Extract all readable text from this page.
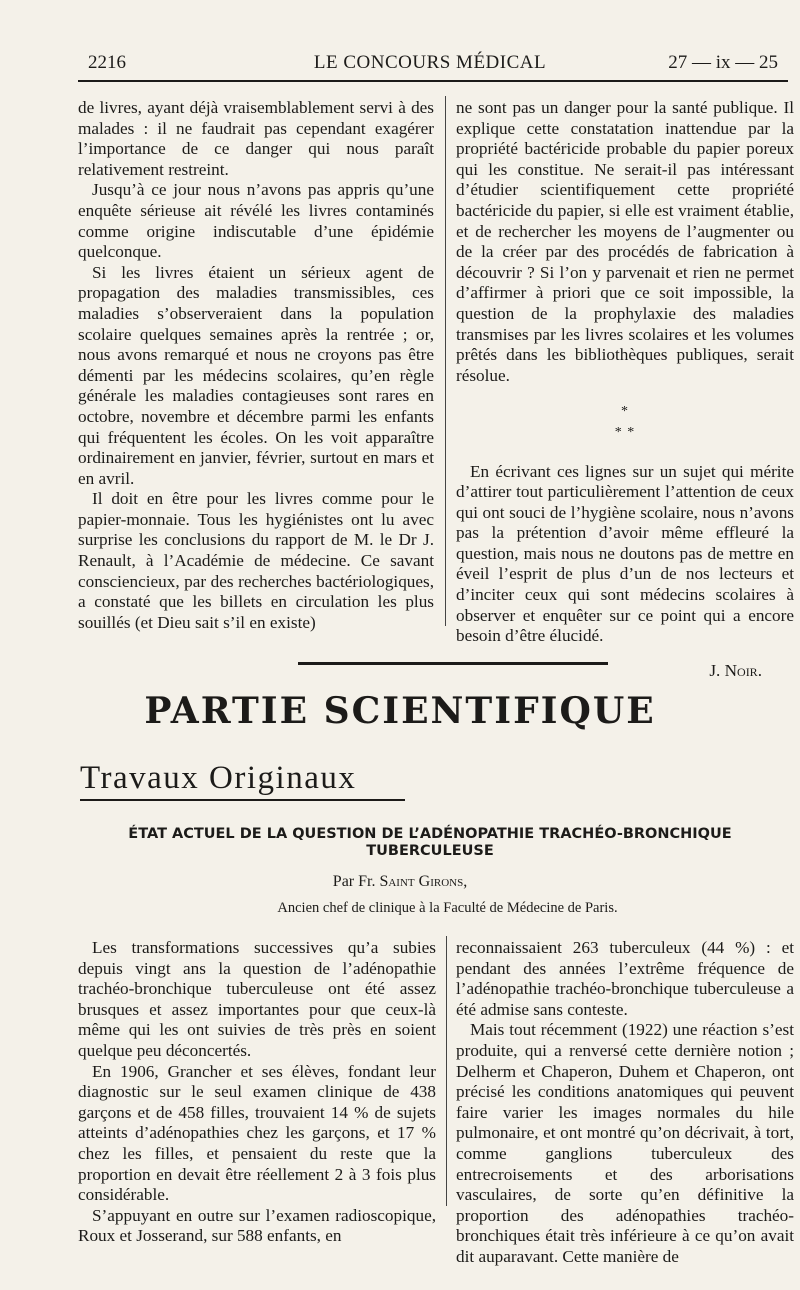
2216	LE CONCOURS MÉDICAL	27 — ix — 25

de livres, ayant déjà vraisemblablement servi à des malades : il ne faudrait pas cependant exagérer l’importance de ce danger qui nous paraît relativement restreint.

Jusqu’à ce jour nous n’avons pas appris qu’une enquête sérieuse ait révélé les livres contaminés comme origine indiscutable d’une épidémie quelconque.

Si les livres étaient un sérieux agent de propagation des maladies transmissibles, ces maladies s’observeraient dans la population scolaire quelques semaines après la rentrée ; or, nous avons remarqué et nous ne croyons pas être démenti par les médecins scolaires, qu’en règle générale les maladies contagieuses sont rares en octobre, novembre et décembre parmi les enfants qui fréquentent les écoles. On les voit apparaître ordinairement en janvier, février, surtout en mars et en avril.

Il doit en être pour les livres comme pour le papier-monnaie. Tous les hygiénistes ont lu avec surprise les conclusions du rapport de M. le Dr J. Renault, à l’Académie de médecine. Ce savant consciencieux, par des recherches bactériologiques, a constaté que les billets en circulation les plus souillés (et Dieu sait s’il en existe)

ne sont pas un danger pour la santé publique. Il explique cette constatation inattendue par la propriété bactéricide probable du papier poreux qui les constitue. Ne serait-il pas intéressant d’étudier scientifiquement cette propriété bactéricide du papier, si elle est vraiment établie, et de rechercher les moyens de l’augmenter ou de la créer par des procédés de fabrication à découvrir ? Si l’on y parvenait et rien ne permet d’affirmer à priori que ce soit impossible, la question de la prophylaxie des maladies transmises par les livres scolaires et les volumes prêtés dans les bibliothèques publiques, serait résolue.

*
* *

En écrivant ces lignes sur un sujet qui mérite d’attirer tout particulièrement l’attention de ceux qui ont souci de l’hygiène scolaire, nous n’avons pas la prétention d’avoir même effleuré la question, mais nous ne doutons pas de mettre en éveil l’esprit de plus d’un de nos lecteurs et d’inciter ceux qui sont médecins scolaires à observer et enquêter sur ce point qui a encore besoin d’être élucidé.

J. Noir.
PARTIE SCIENTIFIQUE
Travaux Originaux
ÉTAT ACTUEL DE LA QUESTION DE L’ADÉNOPATHIE TRACHÉO-BRONCHIQUE TUBERCULEUSE
Par Fr. Saint Girons,
Ancien chef de clinique à la Faculté de Médecine de Paris.

Les transformations successives qu’a subies depuis vingt ans la question de l’adénopathie trachéo-bronchique tuberculeuse ont été assez brusques et assez importantes pour que ceux-là même qui les ont suivies de très près en soient quelque peu déconcertés.

En 1906, Grancher et ses élèves, fondant leur diagnostic sur le seul examen clinique de 438 garçons et de 458 filles, trouvaient 14 % de sujets atteints d’adénopathies chez les garçons, et 17 % chez les filles, et pensaient du reste que la proportion en devait être réellement 2 à 3 fois plus considérable.

S’appuyant en outre sur l’examen radioscopique, Roux et Josserand, sur 588 enfants, en

reconnaissaient 263 tuberculeux (44 %) : et pendant des années l’extrême fréquence de l’adénopathie trachéo-bronchique tuberculeuse a été admise sans conteste.

Mais tout récemment (1922) une réaction s’est produite, qui a renversé cette dernière notion ; Delherm et Chaperon, Duhem et Chaperon, ont précisé les conditions anatomiques qui peuvent faire varier les images normales du hile pulmonaire, et ont montré qu’on décrivait, à tort, comme ganglions tuberculeux des entrecroisements et des arborisations vasculaires, de sorte qu’en définitive la proportion des adénopathies trachéo-bronchiques était très inférieure à ce qu’on avait dit auparavant. Cette manière de
